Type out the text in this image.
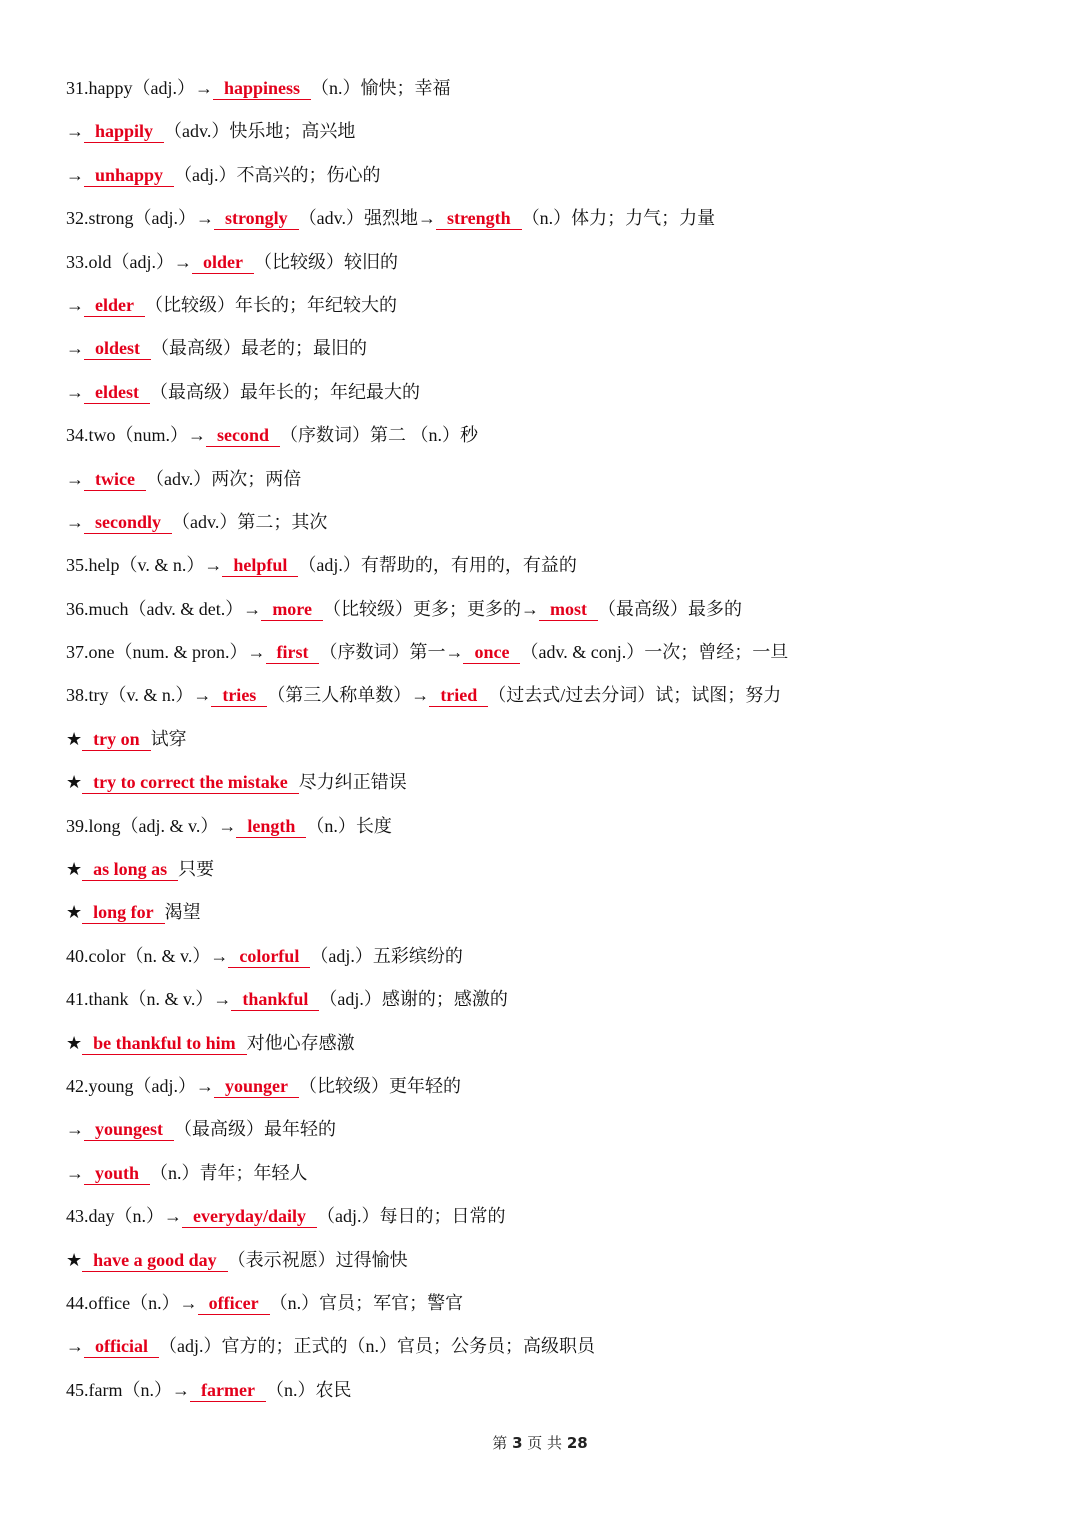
31.happy（adj.）→  happiness  （n.）愉快；幸福
→  happily  （adv.）快乐地；高兴地
→  unhappy  （adj.）不高兴的；伤心的
32.strong（adj.）→  strongly  （adv.）强烈地→  strength  （n.）体力；力气；力量
33.old（adj.）→  older  （比较级）较旧的
→  elder  （比较级）年长的；年纪较大的
→  oldest  （最高级）最老的；最旧的
→  eldest  （最高级）最年长的；年纪最大的
34.two（num.）→  second  （序数词）第二 （n.）秒
→  twice  （adv.）两次；两倍
→  secondly  （adv.）第二；其次
35.help（v. & n.）→  helpful  （adj.）有帮助的，有用的，有益的
36.much（adv. & det.）→  more  （比较级）更多；更多的→  most  （最高级）最多的
37.one（num. & pron.）→  first  （序数词）第一→  once  （adv. & conj.）一次；曾经；一旦
38.try（v. & n.）→  tries  （第三人称单数）→  tried  （过去式/过去分词）试；试图；努力
★  try on  试穿
★  try to correct the mistake  尽力纠正错误
39.long（adj. & v.）→  length  （n.）长度
★  as long as  只要
★  long for  渴望
40.color（n. & v.）→  colorful  （adj.）五彩缤纷的
41.thank（n. & v.）→  thankful  （adj.）感谢的；感激的
★  be thankful to him  对他心存感激
42.young（adj.）→  younger  （比较级）更年轻的
→  youngest  （最高级）最年轻的
→  youth  （n.）青年；年轻人
43.day（n.）→  everyday/daily  （adj.）每日的；日常的
★  have a good day  （表示祝愿）过得愉快
44.office（n.）→  officer  （n.）官员；军官；警官
→  official  （adj.）官方的；正式的（n.）官员；公务员；高级职员
45.farm（n.）→  farmer  （n.）农民
第 3 页 共 28
